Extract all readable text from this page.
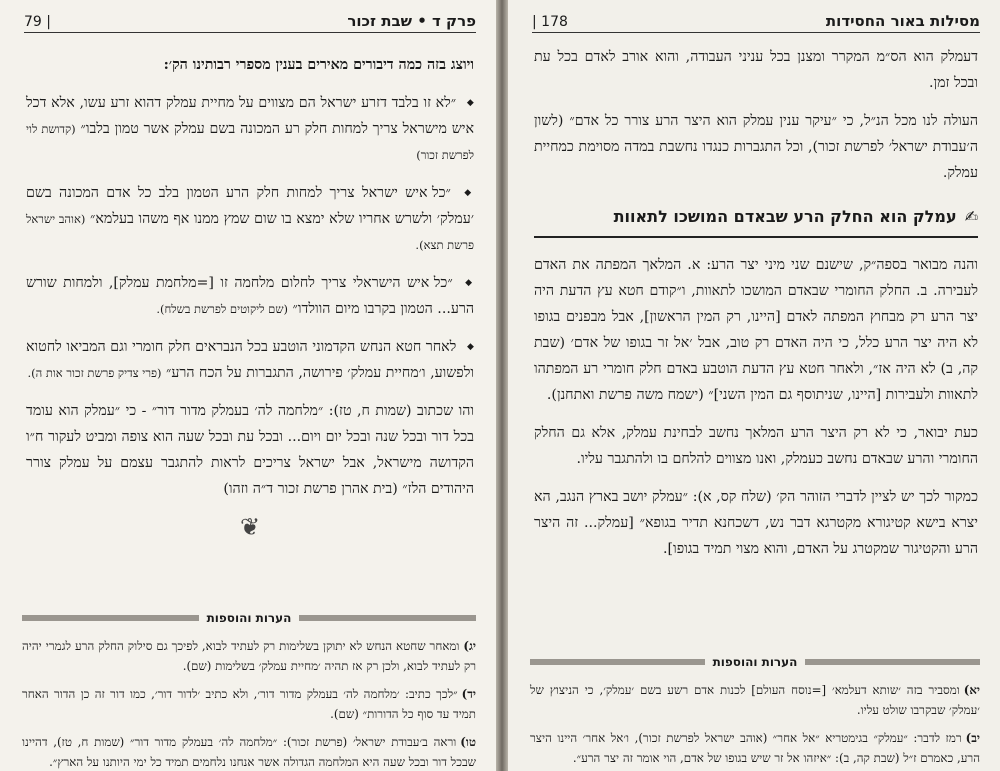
פרק ד • שבת זכור
79 |

ויוצג בזה כמה דיבורים מאירים בענין מספרי רבותינו הק׳:

◆ ״לא זו בלבד דזרע ישראל הם מצווים על מחיית עמלק דהוא זרע עשו, אלא דכל איש מישראל צריך למחות חלק רע המכונה בשם עמלק אשר טמון בלבו״ (קדושת לוי לפרשת זכור)

◆ ״כל איש ישראל צריך למחות חלק הרע הטמון בלב כל אדם המכונה בשם ׳עמלק׳ ולשרש אחריו שלא ימצא בו שום שמץ ממנו אף משהו בעלמא״ (אוהב ישראל פרשת תצא).

◆ ״כל איש הישראלי צריך לחלום מלחמה זו [=מלחמת עמלק], ולמחות שורש הרע... הטמון בקרבו מיום הוולדו״ (שם ליקוטים לפרשת בשלח).

◆ לאחר חטא הנחש הקדמוני הוטבע בכל הנבראים חלק חומרי וגם המביאו לחטוא ולפשוע, ו׳מחיית עמלק׳ פירושה, התגברות על הכח הרע״ (פרי צדיק פרשת זכור אות ה).

והו שכתוב (שמות ח, טז): ״מלחמה לה׳ בעמלק מדור דור״ - כי ״עמלק הוא עומד בכל דור ובכל שנה ובכל יום ויום... ובכל עת ובכל שעה הוא צופה ומביט לעקור ח״ו הקדושה מישראל, אבל ישראל צריכים לראות להתגבר עצמם על עמלק צורר היהודים הלז״ (בית אהרן פרשת זכור ד״ה וזהו)

❦
הערות והוספות

יג)ומאחר שחטא הנחש לא יתוקן בשלימות רק לעתיד לבוא, לפיכך גם סילוק החלק הרע לגמרי יהיה רק לעתיד לבוא, ולכן רק אז תהיה ׳מחיית עמלק׳ בשלימות (שם).

יד)״לכך כתיב: ׳מלחמה לה׳ בעמלק מדור דור׳, ולא כתיב ׳לדור דור׳, כמו דור זה כן הדור האחר תמיד עד סוף כל הדורות״ (שם).

טו)וראה ב׳עבודת ישראל׳ (פרשת זכור): ״מלחמה לה׳ בעמלק מדור דור״ (שמות ח, טז), דהיינו שבכל דור ובכל שעה היא המלחמה הגדולה אשר אנחנו נלחמים תמיד כל ימי היותנו על הארץ״.

מסילות באור החסידות
| 178

דעמלק הוא הס״מ המקרר ומצנן בכל עניני העבודה, והוא אורב לאדם בכל עת ובכל זמן.

העולה לנו מכל הנ״ל, כי ״עיקר ענין עמלק הוא היצר הרע צורר כל אדם״ (לשון ה׳עבודת ישראל׳ לפרשת זכור), וכל התגברות כנגדו נחשבת במדה מסוימת כמחיית עמלק.

✍
עמלק הוא החלק הרע שבאדם המושכו לתאוות

והנה מבואר בספה״ק, שישנם שני מיני יצר הרע: א. המלאך המפתה את האדם לעבירה. ב. החלק החומרי שבאדם המושכו לתאוות, ו״קודם חטא עץ הדעת היה יצר הרע רק מבחוץ המפתה לאדם [היינו, רק המין הראשון], אבל מבפנים בגופו לא היה יצר הרע כלל, כי היה האדם רק טוב, אבל ׳אל זר בגופו של אדם׳ (שבת קה, ב) לא היה אז״, ולאחר חטא עץ הדעת הוטבע באדם חלק חומרי רע המפתהו לתאוות ולעבירות [היינו, שניתוסף גם המין השני]״ (ישמח משה פרשת ואתחנן).

כעת יבואר, כי לא רק היצר הרע המלאך נחשב לבחינת עמלק, אלא גם החלק החומרי והרע שבאדם נחשב כעמלק, ואנו מצווים להלחם בו ולהתגבר עליו.

כמקור לכך יש לציין לדברי הזוהר הק׳ (שלח קס, א): ״עמלק יושב בארץ הנגב, הא יצרא בישא קטיגורא מקטרגא דבר נש, דשכחנא תדיר בגופא״ [עמלק... זה היצר הרע והקטיגור שמקטרג על האדם, והוא מצוי תמיד בגופו].

הערות והוספות

יא)ומסביר בזה ׳שותא דעלמא׳ [=נוסח העולם] לכנות אדם רשע בשם ׳עמלק׳, כי הניצוץ של ׳עמלק׳ שבקרבו שולט עליו.

יב)רמז לדבר: ״עמלק״ בגימטריא ״אל אחר״ (אוהב ישראל לפרשת זכור), ו׳אל אחר׳ היינו היצר הרע, כאמרם ז״ל (שבת קה, ב): ״איזהו אל זר שיש בגופו של אדם, הוי אומר זה יצר הרע״.
